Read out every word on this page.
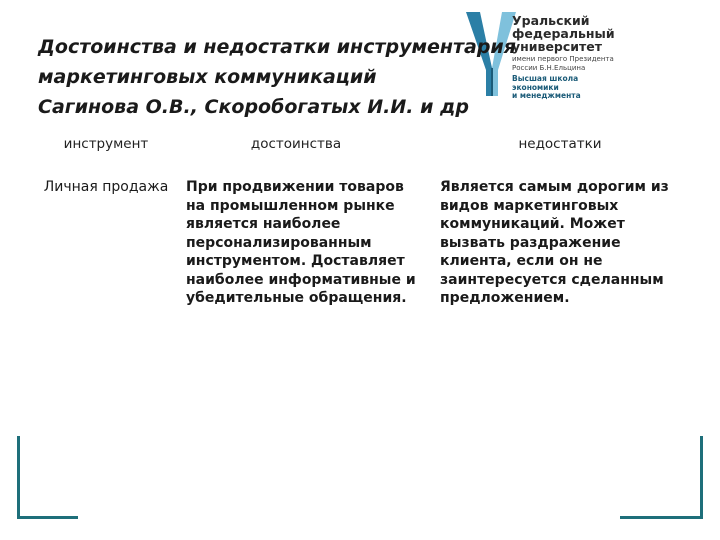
Уральский
федеральный
университет
имени первого Президента
России Б.Н.Ельцина
Высшая школа
экономики
и менеджмента
Достоинства и недостатки инструментария
маркетинговых коммуникаций
Сагинова О.В., Скоробогатых И.И. и др
инструмент	достоинства	недостатки
Личная продажа При продвижении товаров на промышленном рынке является наиболее персонализированным инструментом. Доставляет наиболее информативные и убедительные обращения.
Является самым дорогим из видов маркетинговых коммуникаций. Может вызвать раздражение клиента, если он не заинтересуется сделанным предложением.
